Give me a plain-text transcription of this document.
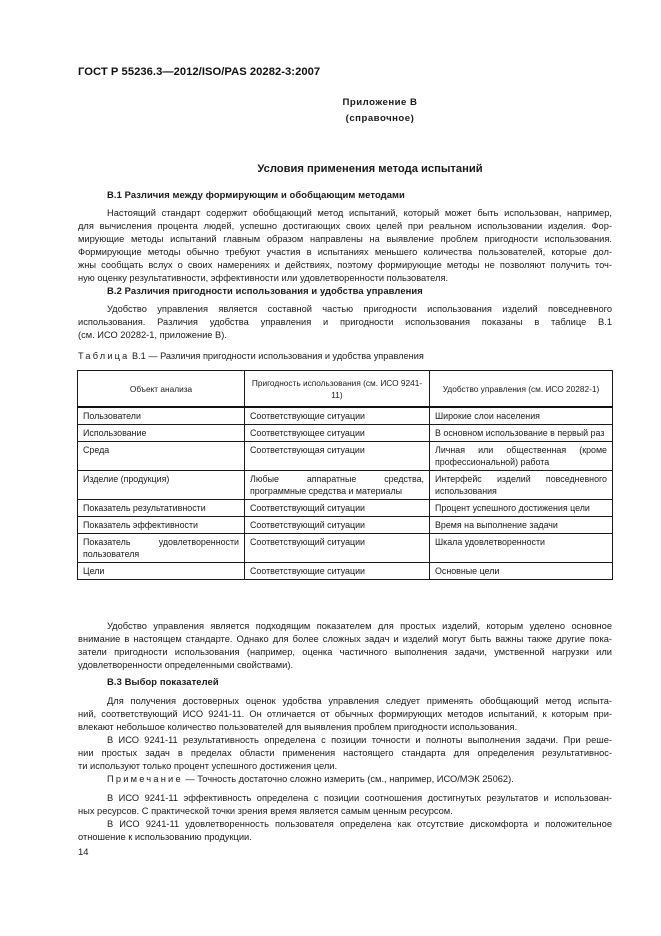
ГОСТ Р 55236.3—2012/ISO/PAS 20282-3:2007
Приложение В
(справочное)
Условия применения метода испытаний
В.1 Различия между формирующим и обобщающим методами
Настоящий стандарт содержит обобщающий метод испытаний, который может быть использован, например,
для вычисления процента людей, успешно достигающих своих целей при реальном использовании изделия. Фор-
мирующие методы испытаний главным образом направлены на выявление проблем пригодности использования.
Формирующие методы обычно требуют участия в испытаниях меньшего количества пользователей, которые дол-
жны сообщать вслух о своих намерениях и действиях, поэтому формирующие методы не позволяют получить точ-
ную оценку результативности, эффективности или удовлетворенности пользователя.
В.2 Различия пригодности использования и удобства управления
Удобство управления является составной частью пригодности использования изделий повседневного
использования. Различия удобства управления и пригодности использования показаны в таблице В.1
(см. ИСО 20282-1, приложение В).
Таблица В.1 — Различия пригодности использования и удобства управления
Объект анализа	Пригодность использования (см. ИСО 9241-11)	Удобство управления (см. ИСО 20282-1)
Пользователи	Соответствующие ситуации	Широкие слои населения
Использование	Соответствующее ситуации	В основном использование в первый раз
Среда	Соответствующая ситуации	Личная или общественная (кроме профессиональной) работа
Изделие (продукция)	Любые аппаратные средства, программные средства и материалы	Интерфейс изделий повседневного использования
Показатель результативности	Соответствующий ситуации	Процент успешного достижения цели
Показатель эффективности	Соответствующий ситуации	Время на выполнение задачи
Показатель удовлетворенности пользователя	Соответствующий ситуации	Шкала удовлетворенности
Цели	Соответствующие ситуации	Основные цели
Удобство управления является подходящим показателем для простых изделий, которым уделено основное
внимание в настоящем стандарте. Однако для более сложных задач и изделий могут быть важны также другие пока-
затели пригодности использования (например, оценка частичного выполнения задачи, умственной нагрузки или
удовлетворенности определенными свойствами).
В.3 Выбор показателей
Для получения достоверных оценок удобства управления следует применять обобщающий метод испыта-
ний, соответствующий ИСО 9241-11. Он отличается от обычных формирующих методов испытаний, к которым при-
влекают небольшое количество пользователей для выявления проблем пригодности использования.
В ИСО 9241-11 результативность определена с позиции точности и полноты выполнения задачи. При реше-
нии простых задач в пределах области применения настоящего стандарта для определения результативнос-
ти используют только процент успешного достижения цели.
Примечание — Точность достаточно сложно измерить (см., например, ИСО/МЭК 25062).
В ИСО 9241-11 эффективность определена с позиции соотношения достигнутых результатов и использован-
ных ресурсов. С практической точки зрения время является самым ценным ресурсом.
В ИСО 9241-11 удовлетворенность пользователя определена как отсутствие дискомфорта и положительное
отношение к использованию продукции.
14
